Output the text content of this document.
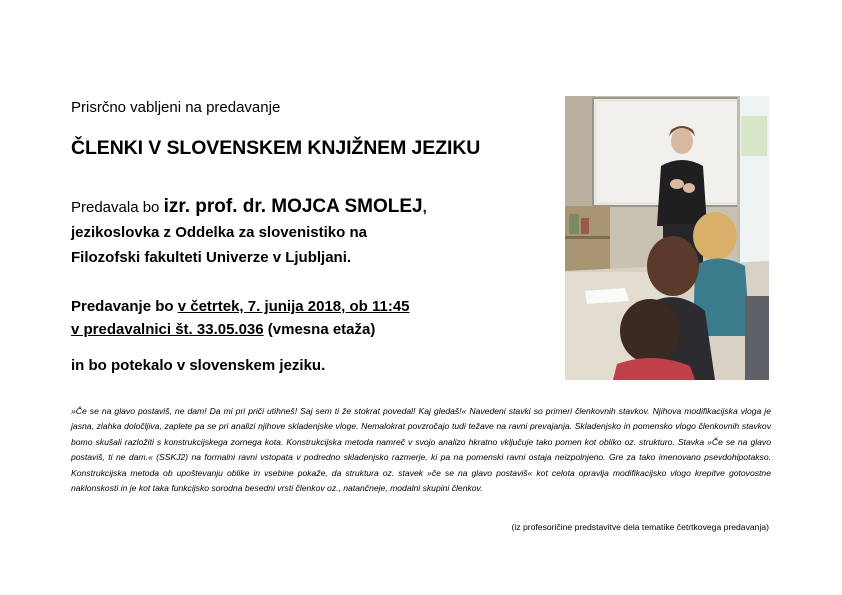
Prisrčno vabljeni na predavanje
ČLENKI V SLOVENSKEM KNJIŽNEM JEZIKU
Predavala bo izr. prof. dr. MOJCA SMOLEJ,
jezikoslovka z Oddelka za slovenistiko na
Filozofski fakulteti Univerze v Ljubljani.
Predavanje bo v četrtek, 7. junija 2018, ob 11:45
v predavalnici št. 33.05.036 (vmesna etaža)
in bo potekalo v slovenskem jeziku.
»Če se na glavo postaviš, ne dam! Da mi pri priči utihneš! Saj sem ti že stokrat povedal! Kaj gledaš!« Navedeni stavki so primeri členkovnih stavkov. Njihova modifikacijska vloga je jasna, zlahka določljiva, zaplete pa se pri analizi njihove skladenjske vloge. Nemalokrat povzročajo tudi težave na ravni prevajanja. Skladenjsko in pomensko vlogo členkovnih stavkov bomo skušali razložiti s konstrukcijskega zornega kota. Konstrukcijska metoda namreč v svojo analizo hkratno vključuje tako pomen kot obliko oz. strukturo. Stavka »Če se na glavo postaviš, ti ne dam.« (SSKJ2) na formalni ravni vstopata v podredno skladenjsko razmerje, ki pa na pomenski ravni ostaja neizpolnjeno. Gre za tako imenovano psevdohipotakso. Konstrukcijska metoda ob upoštevanju oblike in vsebine pokaže, da struktura oz. stavek »če se na glavo postaviš« kot celota opravlja modifikacijsko vlogo krepitve gotovostne naklonskosti in je kot taka funkcijsko sorodna besedni vrsti členkov oz., natančneje, modalni skupini členkov.
(iz profesoričine predstavitve dela tematike četrtkovega predavanja)
